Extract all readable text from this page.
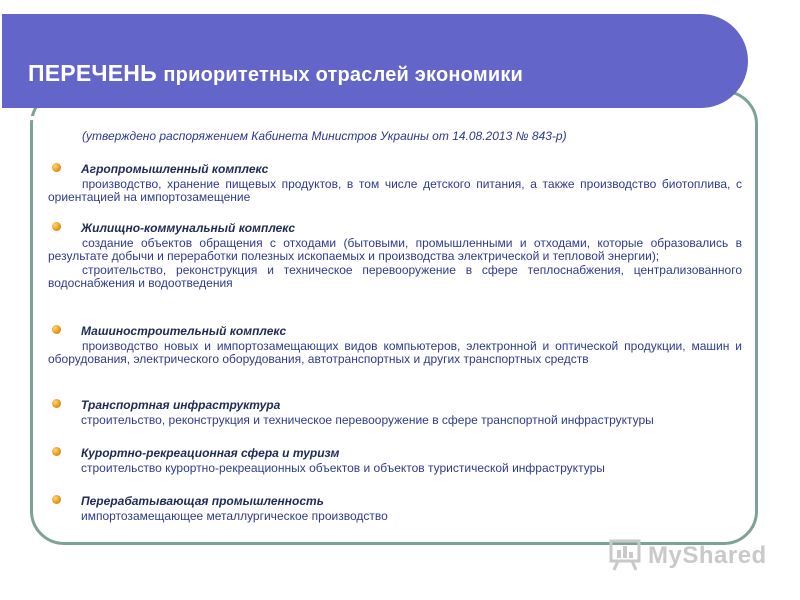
ПЕРЕЧЕНЬ приоритетных отраслей экономики
(утверждено распоряжением Кабинета Министров Украины от 14.08.2013 № 843-р)
Агропромышленный комплекс
производство, хранение пищевых продуктов, в том числе детского питания, а также производство биотоплива, с ориентацией на импортозамещение
Жилищно-коммунальный комплекс
создание объектов обращения с отходами (бытовыми, промышленными и отходами, которые образовались в результате добычи и переработки полезных ископаемых и производства электрической и тепловой энергии);
строительство, реконструкция и техническое перевооружение в сфере теплоснабжения, централизованного водоснабжения и водоотведения
Машиностроительный комплекс
производство новых и импортозамещающих видов компьютеров, электронной и оптической продукции, машин и оборудования, электрического оборудования, автотранспортных и других транспортных средств
Транспортная инфраструктура
строительство, реконструкция и техническое перевооружение в сфере транспортной инфраструктуры
Курортно-рекреационная сфера и туризм
строительство курортно-рекреационных объектов и объектов туристической инфраструктуры
Перерабатывающая промышленность
импортозамещающее металлургическое производство
MyShared
